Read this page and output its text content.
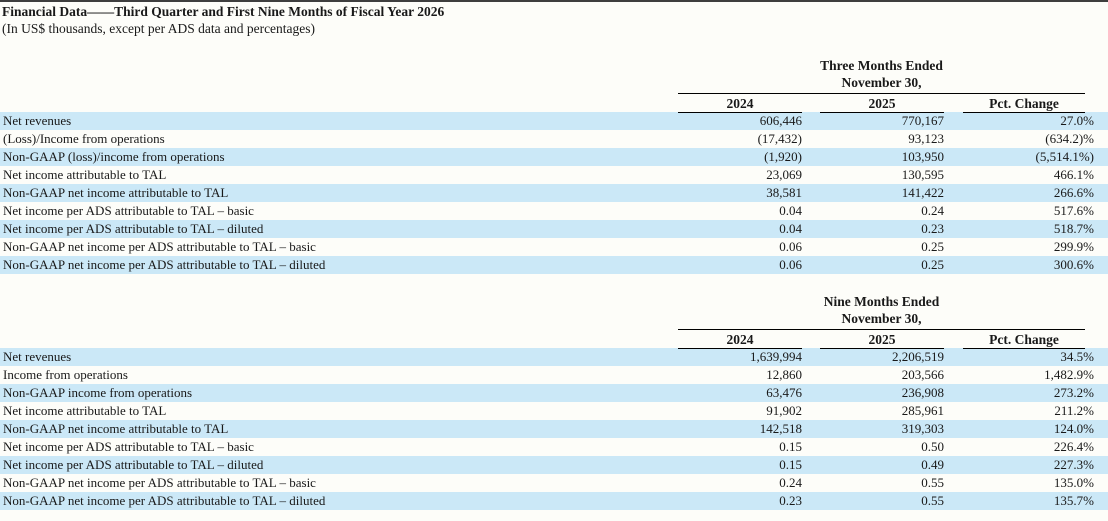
Financial Data——Third Quarter and First Nine Months of Fiscal Year 2026
(In US$ thousands, except per ADS data and percentages)
Three Months Ended
November 30,
2024	2025	Pct. Change
Net revenues	606,446	770,167	27.0%
(Loss)/Income from operations	(17,432)	93,123	(634.2)%
Non-GAAP (loss)/income from operations	(1,920)	103,950	(5,514.1%)
Net income attributable to TAL	23,069	130,595	466.1%
Non-GAAP net income attributable to TAL	38,581	141,422	266.6%
Net income per ADS attributable to TAL – basic	0.04	0.24	517.6%
Net income per ADS attributable to TAL – diluted	0.04	0.23	518.7%
Non-GAAP net income per ADS attributable to TAL – basic	0.06	0.25	299.9%
Non-GAAP net income per ADS attributable to TAL – diluted	0.06	0.25	300.6%
Nine Months Ended
November 30,
2024	2025	Pct. Change
Net revenues	1,639,994	2,206,519	34.5%
Income from operations	12,860	203,566	1,482.9%
Non-GAAP income from operations	63,476	236,908	273.2%
Net income attributable to TAL	91,902	285,961	211.2%
Non-GAAP net income attributable to TAL	142,518	319,303	124.0%
Net income per ADS attributable to TAL – basic	0.15	0.50	226.4%
Net income per ADS attributable to TAL – diluted	0.15	0.49	227.3%
Non-GAAP net income per ADS attributable to TAL – basic	0.24	0.55	135.0%
Non-GAAP net income per ADS attributable to TAL – diluted	0.23	0.55	135.7%
